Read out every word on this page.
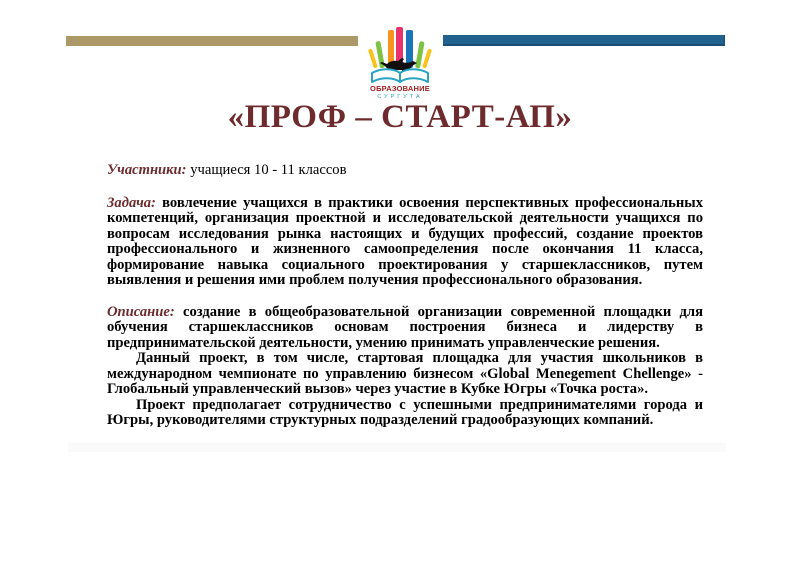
ОБРАЗОВАНИЕ
СУРГУТА
«ПРОФ – СТАРТ-АП»

Участники: учащиеся 10 - 11 классов

Задача: вовлечение учащихся в практики освоения перспективных профессиональных компетенций, организация проектной и исследовательской деятельности учащихся по вопросам исследования рынка настоящих и будущих профессий, создание проектов профессионального и жизненного самоопределения после окончания 11 класса, формирование навыка социального проектирования у старшеклассников, путем выявления и решения ими проблем получения профессионального образования.

Описание: создание в общеобразовательной организации современной площадки для обучения старшеклассников основам построения бизнеса и лидерству в предпринимательской деятельности, умению принимать управленческие решения.

Данный проект, в том числе, стартовая площадка для участия школьников в международном чемпионате по управлению бизнесом «Global Menegement Chellenge» - Глобальный управленческий вызов» через участие в Кубке Югры «Точка роста».

Проект предполагает сотрудничество с успешными предпринимателями города и Югры, руководителями структурных подразделений градообразующих компаний.
